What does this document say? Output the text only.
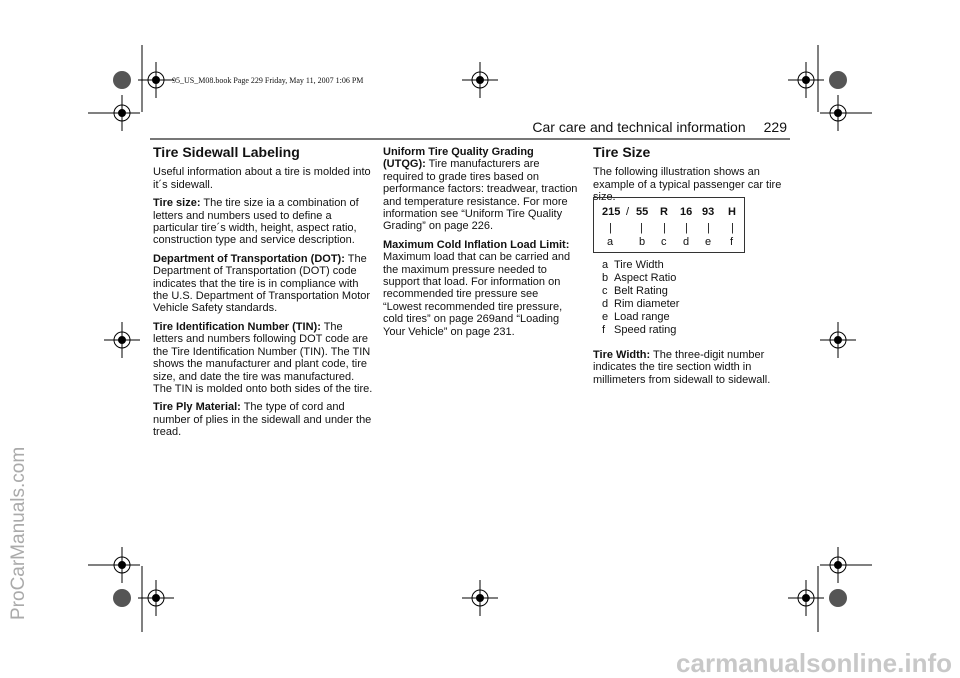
95_US_M08.book Page 229 Friday, May 11, 2007 1:06 PM
Car care and technical information 229
Tire Sidewall Labeling

Useful information about a tire is molded into it´s sidewall.

Tire size: The tire size ia a combination of letters and numbers used to define a particular tire´s width, height, aspect ratio, construction type and service description.

Department of Transportation (DOT): The Department of Transportation (DOT) code indicates that the tire is in compliance with the U.S. Department of Transportation Motor Vehicle Safety standards.

Tire Identification Number (TIN): The letters and numbers following DOT code are the Tire Identification Number (TIN). The TIN shows the manufacturer and plant code, tire size, and date the tire was manufactured. The TIN is molded onto both sides of the tire.

Tire Ply Material: The type of cord and number of plies in the sidewall and under the tread.

Uniform Tire Quality Grading (UTQG): Tire manufacturers are required to grade tires based on performance factors: treadwear, traction and temperature resistance. For more information see “Uniform Tire Quality Grading” on page 226.

Maximum Cold Inflation Load Limit: Maximum load that can be carried and the maximum pressure needed to support that load. For information on recommended tire pressure see “Lowest recommended tire pressure, cold tires” on page 269and “Loading Your Vehicle” on page 231.

Tire Size

The following illustration shows an example of a typical passenger car tire size.

215 / 55 R 16 93 H
|	| | | | |
a b c d e f
a Tire Width
b Aspect Ratio
c Belt Rating
d Rim diameter
e Load range
f Speed rating

Tire Width: The three-digit number indicates the tire section width in millimeters from sidewall to sidewall.

ProCarManuals.com
carmanualsonline.info
